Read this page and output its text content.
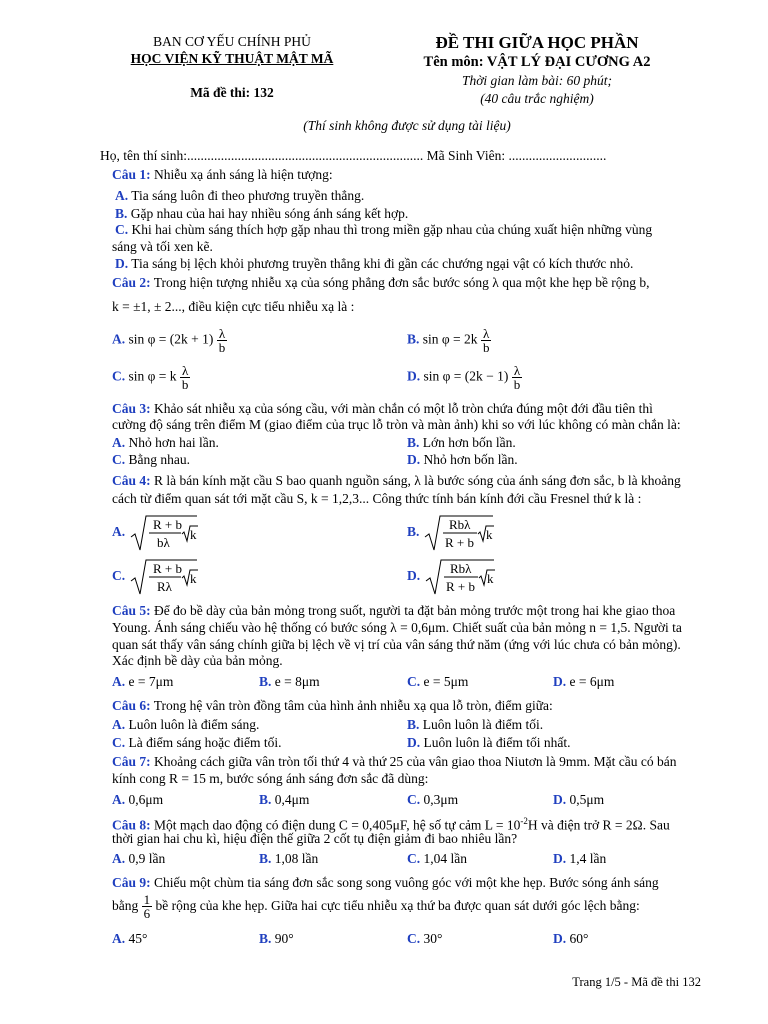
BAN CƠ YẾU CHÍNH PHỦ
HỌC VIỆN KỸ THUẬT MẬT MÃ
Mã đề thi: 132
ĐỀ THI GIỮA HỌC PHẦN
Tên môn: VẬT LÝ ĐẠI CƯƠNG A2
Thời gian làm bài: 60 phút;
(40 câu trắc nghiệm)
(Thí sinh không được sử dụng tài liệu)
Họ, tên thí sinh:...................................................................... Mã Sinh Viên: .............................
Câu 1: Nhiễu xạ ánh sáng là hiện tượng:
A. Tia sáng luôn đi theo phương truyền thẳng.
B. Gặp nhau của hai hay nhiều sóng ánh sáng kết hợp.
C. Khi hai chùm sáng thích hợp gặp nhau thì trong miền gặp nhau của chúng xuất hiện những vùng
sáng và tối xen kẽ.
D. Tia sáng bị lệch khỏi phương truyền thẳng khi đi gần các chướng ngại vật có kích thước nhỏ.
Câu 2: Trong hiện tượng nhiễu xạ của sóng phẳng đơn sắc bước sóng λ qua một khe hẹp bề rộng b,
k = ±1, ± 2..., điều kiện cực tiểu nhiễu xạ là :
A. $\sin \varphi = (2k + 1) \frac{\lambda}{b}$	B. $\sin \varphi = 2k \frac{\lambda}{b}$
C. sin φ = k $\frac{\lambda}{b}$	D. $\sin \varphi = (2k - 1) \frac{\lambda}{b}$
Câu 3: Khảo sát nhiễu xạ của sóng cầu, với màn chắn có một lỗ tròn chứa đúng một đới đầu tiên thì
cường độ sáng trên điểm M (giao điểm của trục lỗ tròn và màn ảnh) khi so với lúc không có màn chắn là:
A. Nhỏ hơn hai lần.	B. Lớn hơn bốn lần.
C. Bằng nhau.	D. Nhỏ hơn bốn lần.
Câu 4: R là bán kính mặt cầu S bao quanh nguồn sáng, λ là bước sóng của ánh sáng đơn sắc, b là khoảng
cách từ điểm quan sát tới mặt cầu S, k = 1,2,3... Công thức tính bán kính đới cầu Fresnel thứ k là :
A. R + b
bλ
k	B. Rbλ
R + b
k
C. R + b
Rλ
k	D. Rbλ
R + b
k
Câu 5: Để đo bề dày của bản mỏng trong suốt, người ta đặt bản mỏng trước một trong hai khe giao thoa
Young. Ánh sáng chiếu vào hệ thống có bước sóng λ = 0,6μm. Chiết suất của bản mỏng n = 1,5. Người ta
quan sát thấy vân sáng chính giữa bị lệch về vị trí của vân sáng thứ năm (ứng với lúc chưa có bản mỏng).
Xác định bề dày của bản mỏng.
A. e = 7μm	B. e = 8μm	C. e = 5μm	D. e = 6μm
Câu 6: Trong hệ vân tròn đồng tâm của hình ảnh nhiễu xạ qua lỗ tròn, điểm giữa:
A. Luôn luôn là điểm sáng.	B. Luôn luôn là điểm tối.
C. Là điểm sáng hoặc điểm tối.	D. Luôn luôn là điểm tối nhất.
Câu 7: Khoảng cách giữa vân tròn tối thứ 4 và thứ 25 của vân giao thoa Niutơn là 9mm. Mặt cầu có bán
kính cong R = 15 m, bước sóng ánh sáng đơn sắc đã dùng:
A. 0,6μm	B. 0,4μm	C. 0,3μm	D. 0,5μm
Câu 8: Một mạch dao động có điện dung C = 0,405μF, hệ số tự cảm $L = 10^{-2}H$ và điện trở R = 2Ω. Sau
thời gian hai chu kì, hiệu điện thế giữa 2 cốt tụ điện giảm đi bao nhiêu lần?
A. 0,9 lần	B. 1,08 lần	C. 1,04 lần	D. 1,4 lần
Câu 9: Chiếu một chùm tia sáng đơn sắc song song vuông góc với một khe hẹp. Bước sóng ánh sáng
bằng $\frac{1}{6}$ bề rộng của khe hẹp. Giữa hai cực tiểu nhiễu xạ thứ ba được quan sát dưới góc lệch bằng:
A. 45°	B. 90°	C. 30°	D. 60°
Trang 1/5 - Mã đề thi 132
